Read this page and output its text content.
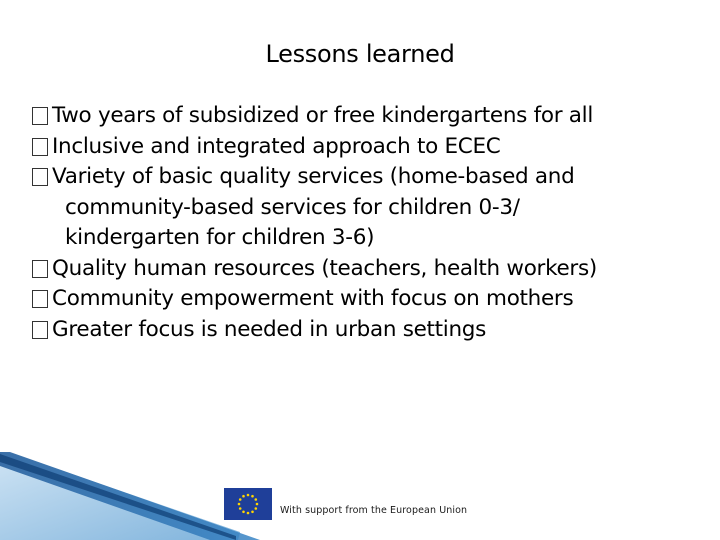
Lessons learned
Two years of subsidized or free kindergartens for all
Inclusive and integrated approach to ECEC
Variety of basic quality services (home-based and
community-based services for children 0-3/
kindergarten for children 3-6)
Quality human resources (teachers, health workers)
Community empowerment with focus on mothers
Greater focus is needed in urban settings
With support from the European Union
